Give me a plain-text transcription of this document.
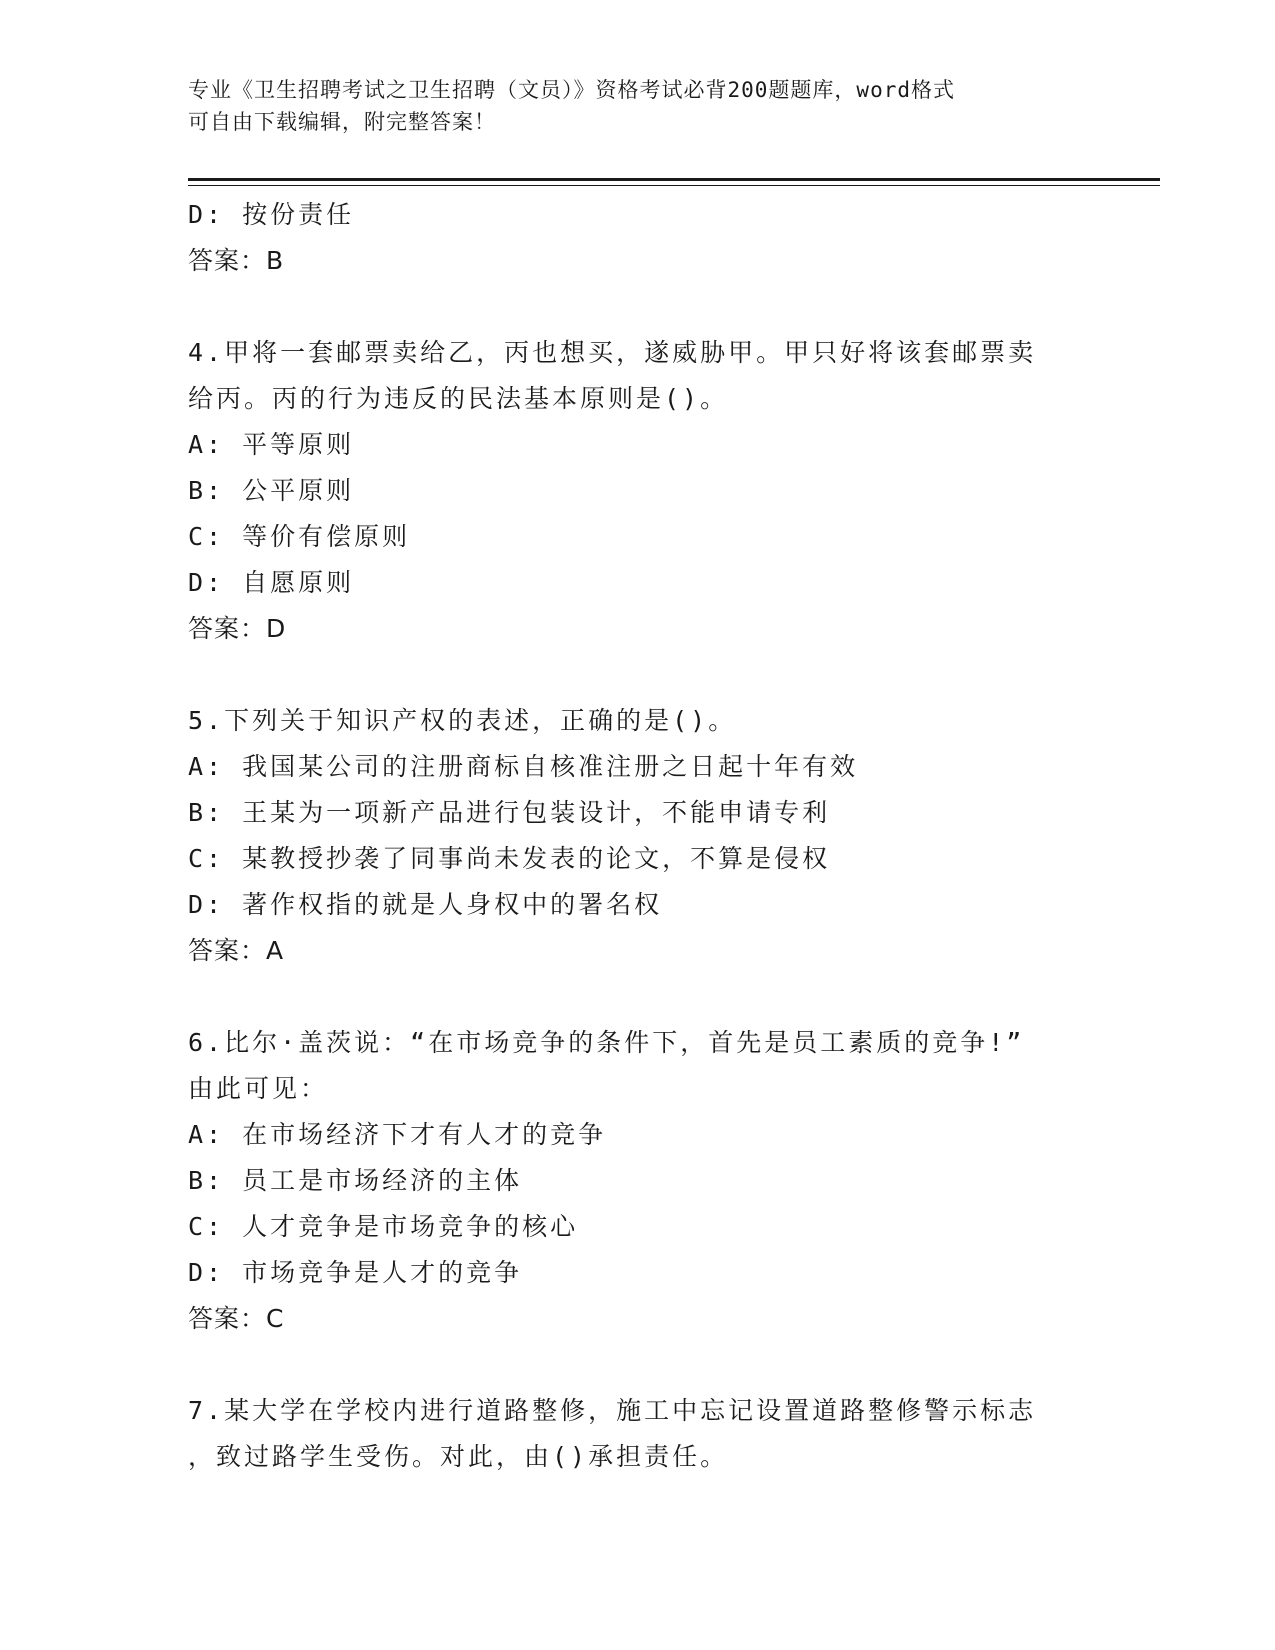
专业《卫生招聘考试之卫生招聘（文员）》资格考试必背200题题库，word格式
可自由下载编辑，附完整答案！
D: 按份责任
答案：B
4.甲将一套邮票卖给乙，丙也想买，遂威胁甲。甲只好将该套邮票卖
给丙。丙的行为违反的民法基本原则是()。
A: 平等原则
B: 公平原则
C: 等价有偿原则
D: 自愿原则
答案：D
5.下列关于知识产权的表述，正确的是()。
A: 我国某公司的注册商标自核准注册之日起十年有效
B: 王某为一项新产品进行包装设计，不能申请专利
C: 某教授抄袭了同事尚未发表的论文，不算是侵权
D: 著作权指的就是人身权中的署名权
答案：A
6.比尔·盖茨说：“在市场竞争的条件下，首先是员工素质的竞争!”
由此可见：
A: 在市场经济下才有人才的竞争
B: 员工是市场经济的主体
C: 人才竞争是市场竞争的核心
D: 市场竞争是人才的竞争
答案：C
7.某大学在学校内进行道路整修，施工中忘记设置道路整修警示标志
，致过路学生受伤。对此，由()承担责任。
